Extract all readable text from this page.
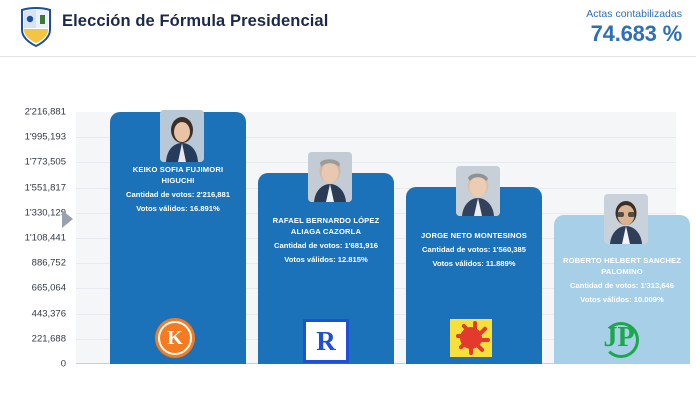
Elección de Fórmula Presidencial	Actas contabilizadas
74.683 %
2'216,881
1'995,193
1'773,505
1'551,817
1'330,129
1'108,441
886,752
665,064
443,376
221,688
0
KEIKO SOFIA FUJIMORI
HIGUCHI
Cantidad de votos: 2'216,881
Votos válidos: 16.891%
RAFAEL BERNARDO LÓPEZ
ALIAGA CAZORLA
Cantidad de votos: 1'681,916
Votos válidos: 12.815%
JORGE NETO MONTESINOS
Cantidad de votos: 1'560,385
Votos válidos: 11.889%	ROBERTO HELBERT SANCHEZ
PALOMINO
Cantidad de votos: 1'313,646
Votos válidos: 10.009%
K	R	JP
